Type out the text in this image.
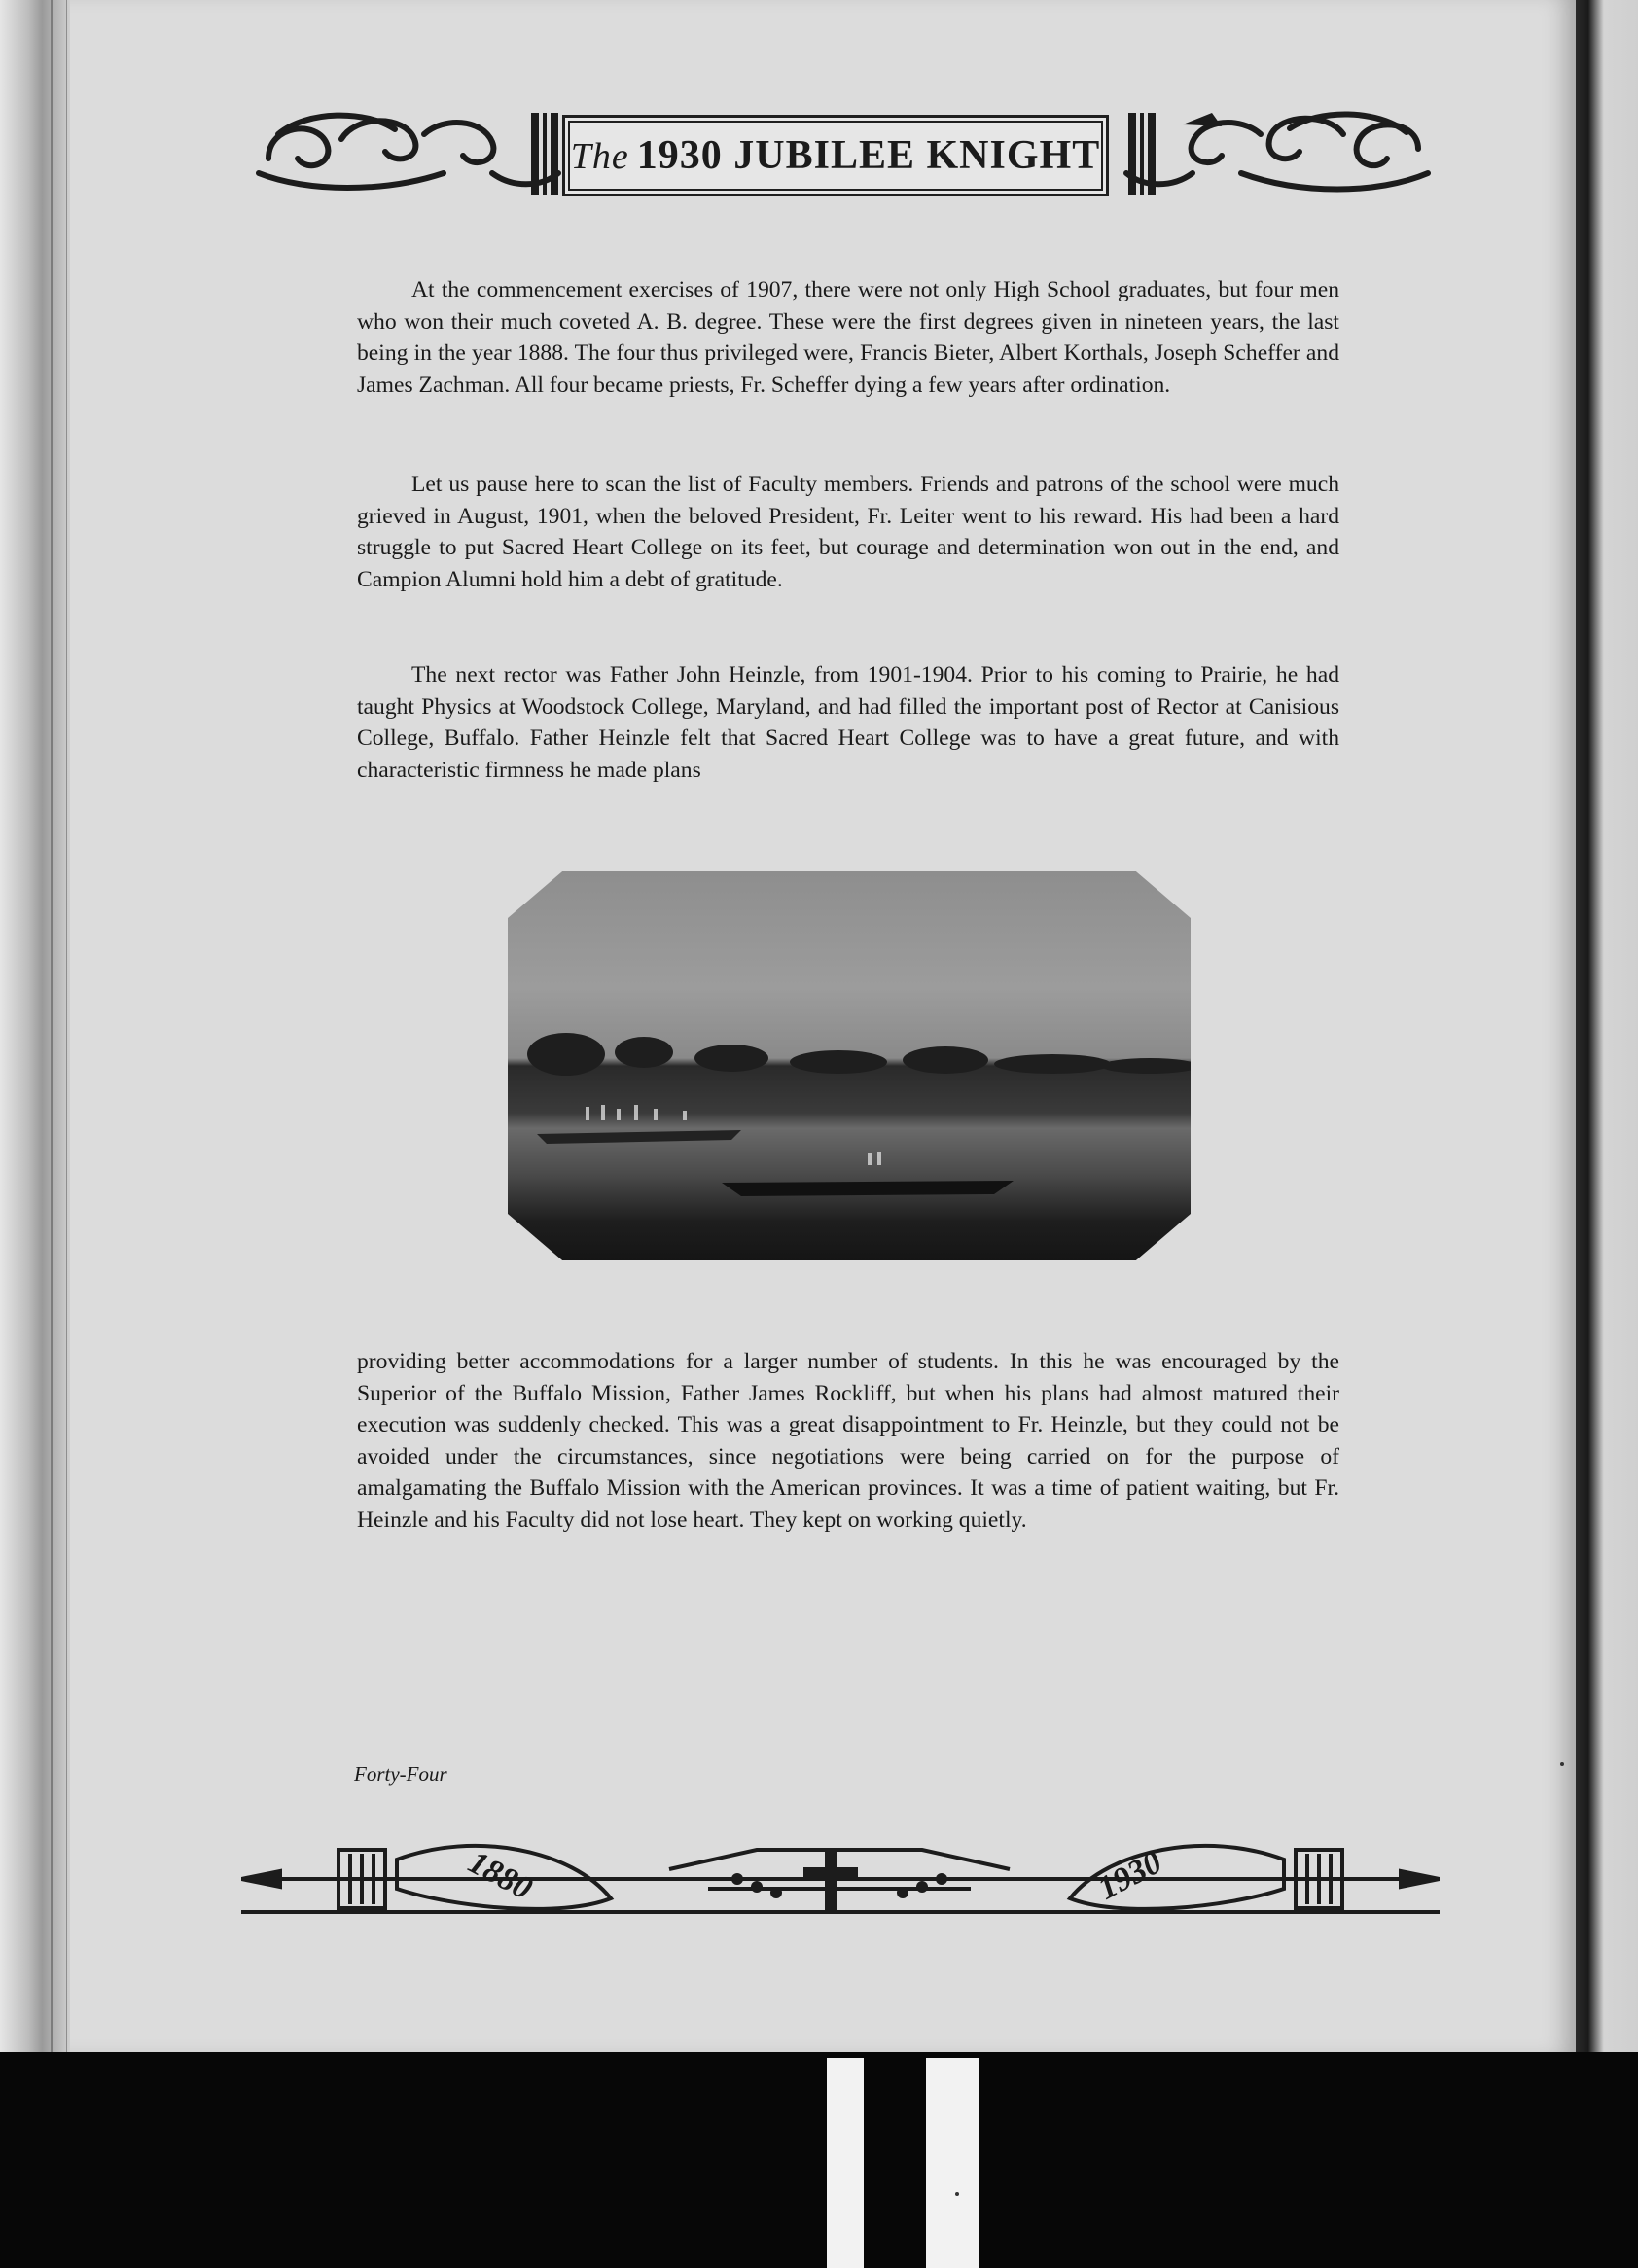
The 1930 JUBILEE KNIGHT

At the commencement exercises of 1907, there were not only High School graduates, but four men who won their much coveted A. B. degree. These were the first degrees given in nineteen years, the last being in the year 1888. The four thus privileged were, Francis Bieter, Albert Korthals, Joseph Scheffer and James Zachman. All four became priests, Fr. Scheffer dying a few years after ordination.

Let us pause here to scan the list of Faculty members. Friends and patrons of the school were much grieved in August, 1901, when the beloved President, Fr. Leiter went to his reward. His had been a hard struggle to put Sacred Heart College on its feet, but courage and determination won out in the end, and Campion Alumni hold him a debt of gratitude.

The next rector was Father John Heinzle, from 1901-1904. Prior to his coming to Prairie, he had taught Physics at Woodstock College, Maryland, and had filled the important post of Rector at Canisious College, Buffalo. Father Heinzle felt that Sacred Heart College was to have a great future, and with characteristic firmness he made plans

providing better accommodations for a larger number of students. In this he was encouraged by the Superior of the Buffalo Mission, Father James Rockliff, but when his plans had almost matured their execution was suddenly checked. This was a great disappointment to Fr. Heinzle, but they could not be avoided under the circumstances, since negotiations were being carried on for the purpose of amalgamating the Buffalo Mission with the American provinces. It was a time of patient waiting, but Fr. Heinzle and his Faculty did not lose heart. They kept on working quietly.

Forty-Four
1880	1930
